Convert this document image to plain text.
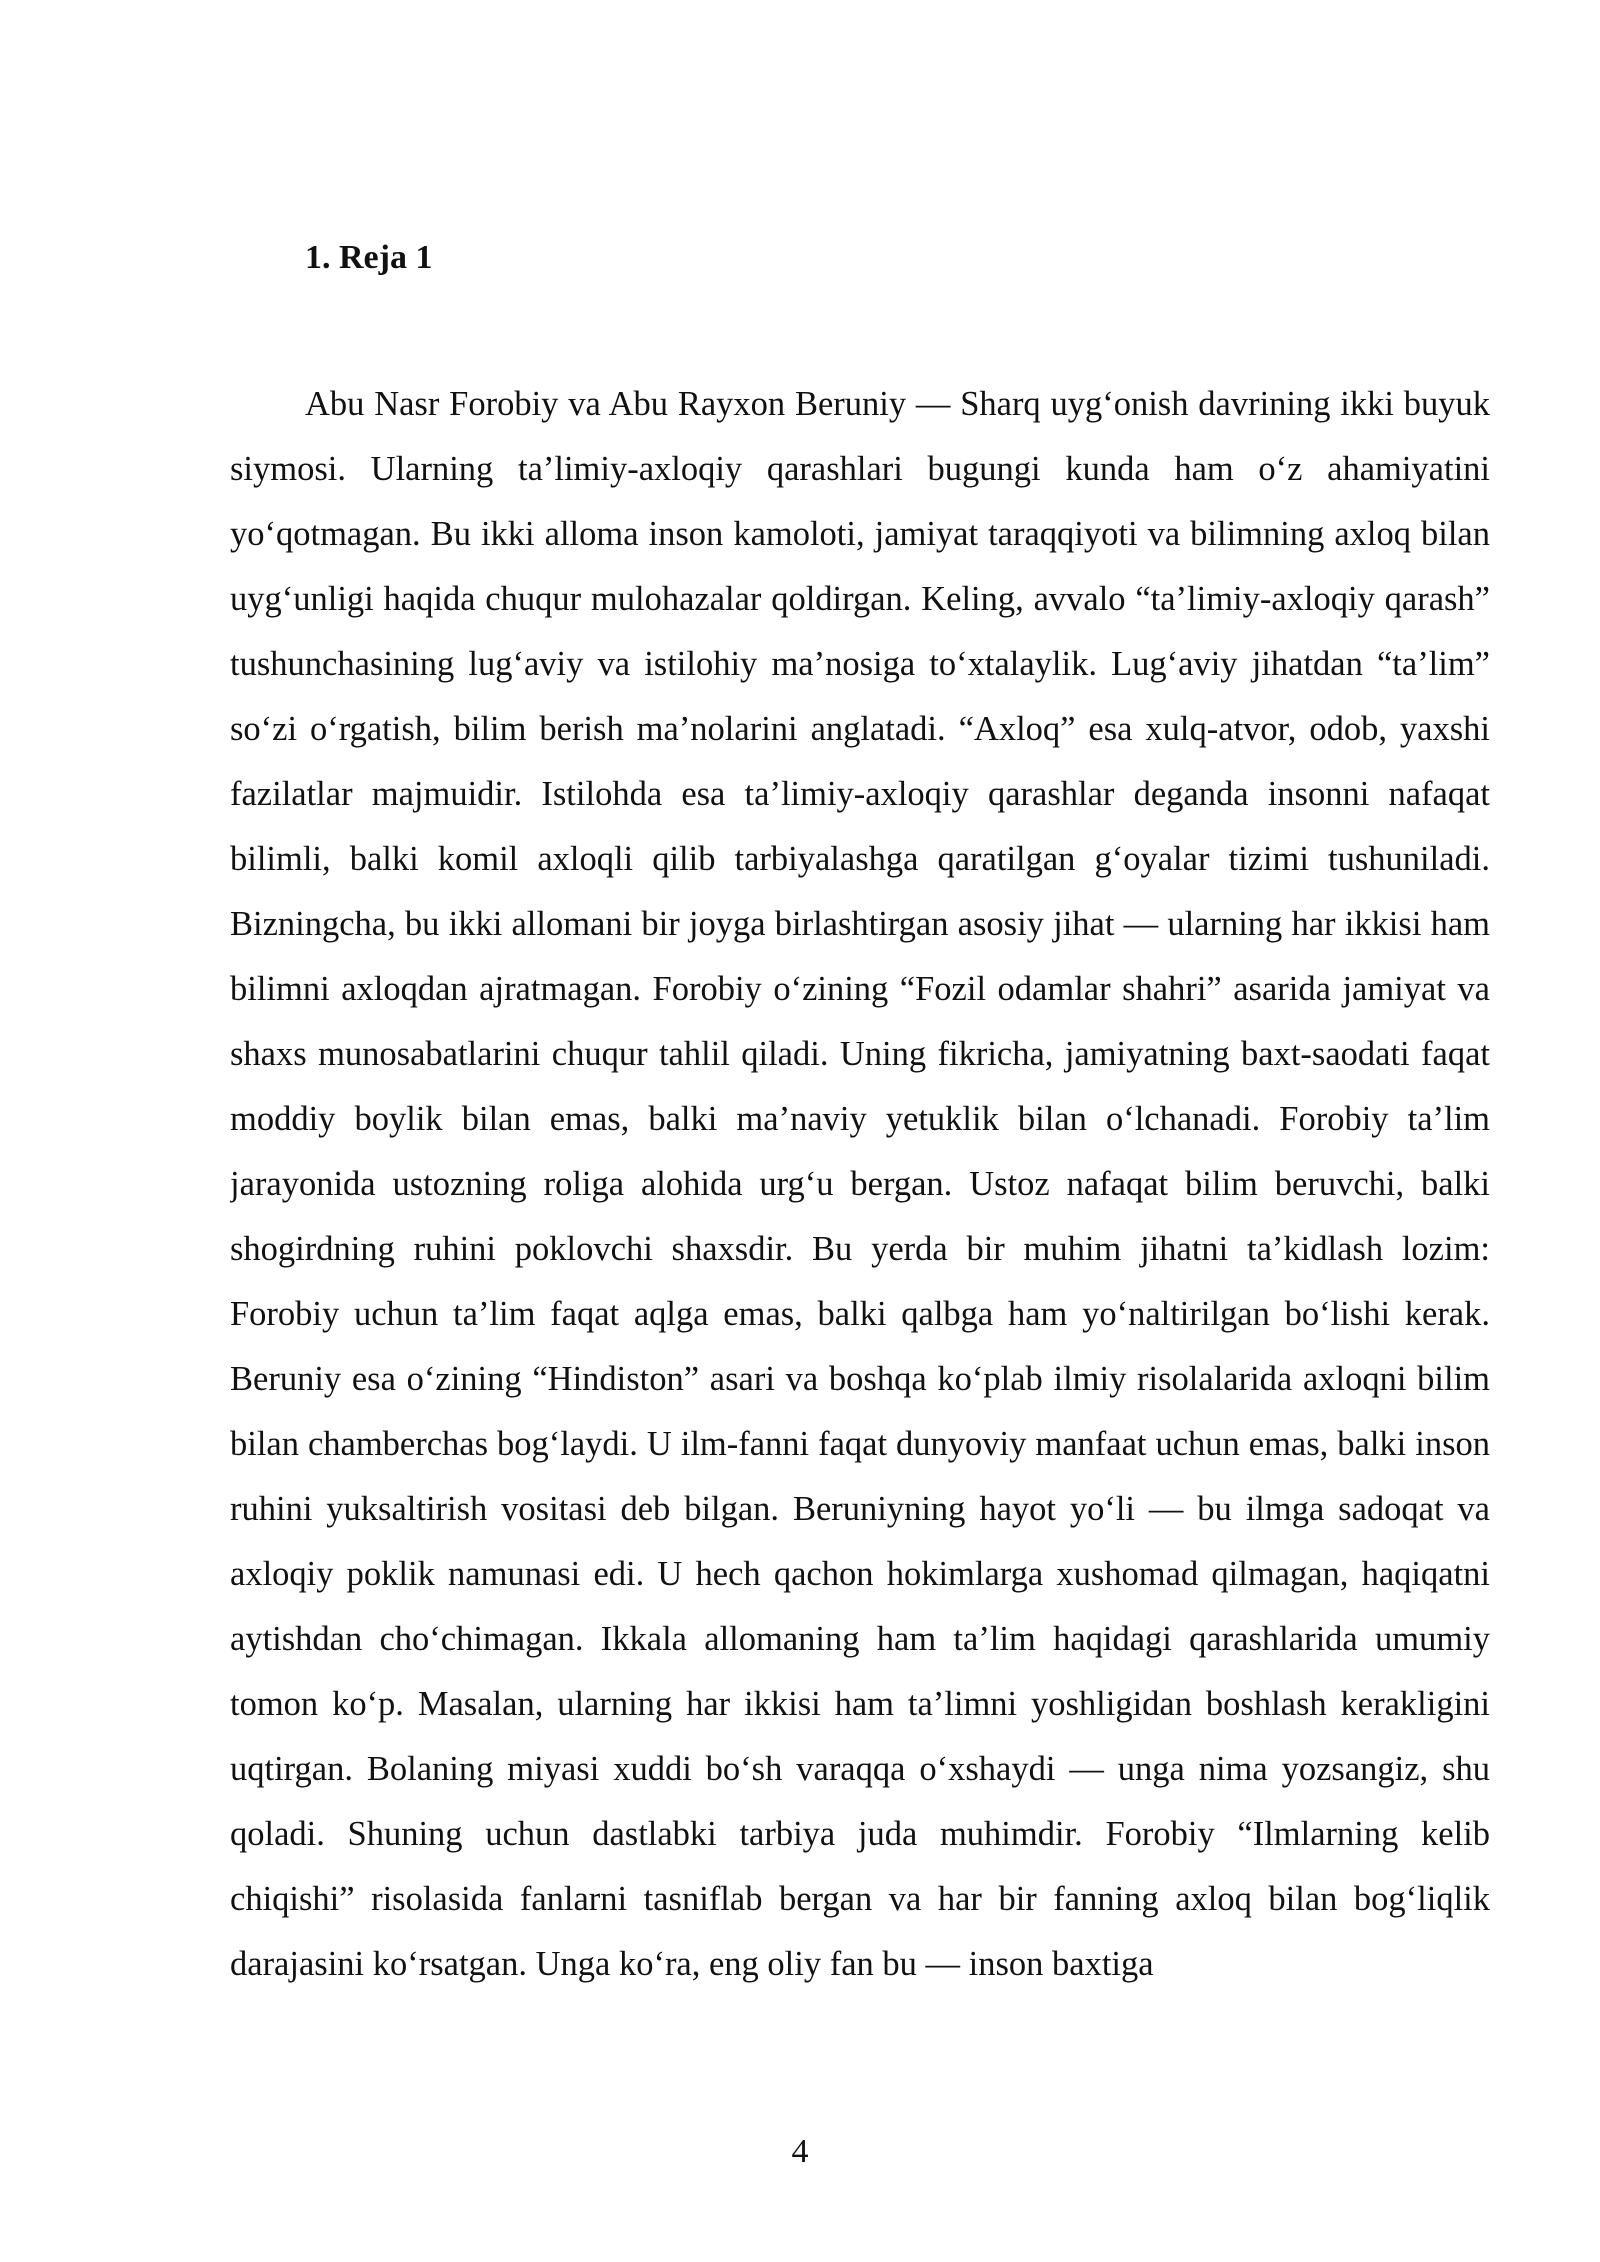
1. Reja 1

Abu Nasr Forobiy va Abu Rayxon Beruniy — Sharq uyg‘onish davrining ikki buyuk siymosi. Ularning ta’limiy-axloqiy qarashlari bugungi kunda ham o‘z ahamiyatini yo‘qotmagan. Bu ikki alloma inson kamoloti, jamiyat taraqqiyoti va bilimning axloq bilan uyg‘unligi haqida chuqur mulohazalar qoldirgan. Keling, avvalo “ta’limiy-axloqiy qarash” tushunchasining lug‘aviy va istilohiy ma’nosiga to‘xtalaylik. Lug‘aviy jihatdan “ta’lim” so‘zi o‘rgatish, bilim berish ma’nolarini anglatadi. “Axloq” esa xulq-atvor, odob, yaxshi fazilatlar majmuidir. Istilohda esa ta’limiy-axloqiy qarashlar deganda insonni nafaqat bilimli, balki komil axloqli qilib tarbiyalashga qaratilgan g‘oyalar tizimi tushuniladi. Bizningcha, bu ikki allomani bir joyga birlashtirgan asosiy jihat — ularning har ikkisi ham bilimni axloqdan ajratmagan. Forobiy o‘zining “Fozil odamlar shahri” asarida jamiyat va shaxs munosabatlarini chuqur tahlil qiladi. Uning fikricha, jamiyatning baxt-saodati faqat moddiy boylik bilan emas, balki ma’naviy yetuklik bilan o‘lchanadi. Forobiy ta’lim jarayonida ustozning roliga alohida urg‘u bergan. Ustoz nafaqat bilim beruvchi, balki shogirdning ruhini poklovchi shaxsdir. Bu yerda bir muhim jihatni ta’kidlash lozim: Forobiy uchun ta’lim faqat aqlga emas, balki qalbga ham yo‘naltirilgan bo‘lishi kerak. Beruniy esa o‘zining “Hindiston” asari va boshqa ko‘plab ilmiy risolalarida axloqni bilim bilan chamberchas bog‘laydi. U ilm-fanni faqat dunyoviy manfaat uchun emas, balki inson ruhini yuksaltirish vositasi deb bilgan. Beruniyning hayot yo‘li — bu ilmga sadoqat va axloqiy poklik namunasi edi. U hech qachon hokimlarga xushomad qilmagan, haqiqatni aytishdan cho‘chimagan. Ikkala allomaning ham ta’lim haqidagi qarashlarida umumiy tomon ko‘p. Masalan, ularning har ikkisi ham ta’limni yoshligidan boshlash kerakligini uqtirgan. Bolaning miyasi xuddi bo‘sh varaqqa o‘xshaydi — unga nima yozsangiz, shu qoladi. Shuning uchun dastlabki tarbiya juda muhimdir. Forobiy “Ilmlarning kelib chiqishi” risolasida fanlarni tasniflab bergan va har bir fanning axloq bilan bog‘liqlik darajasini ko‘rsatgan. Unga ko‘ra, eng oliy fan bu — inson baxtiga

4
